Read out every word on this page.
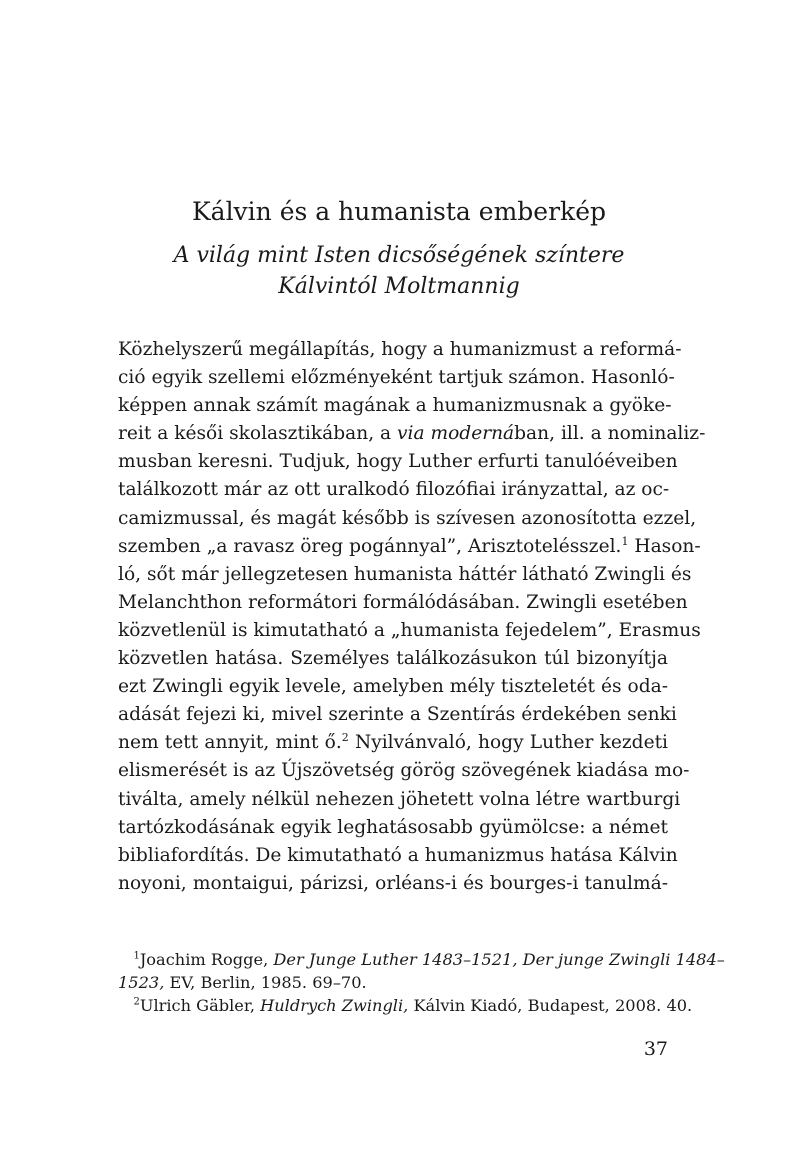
Kálvin és a humanista emberkép
A világ mint Isten dicsőségének színtere
Kálvintól Moltmannig
Közhelyszerű megállapítás, hogy a humanizmust a reformá-
ció egyik szellemi előzményeként tartjuk számon. Hasonló-
képpen annak számít magának a humanizmusnak a gyöke-
reit a késői skolasztikában, a via modernában, ill. a nominaliz-
musban keresni. Tudjuk, hogy Luther erfurti tanulóéveiben
találkozott már az ott uralkodó filozófiai irányzattal, az oc-
camizmussal, és magát később is szívesen azonosította ezzel,
szemben „a ravasz öreg pogánnyal”, Arisztotelésszel.$^1$ Hason-
ló, sőt már jellegzetesen humanista háttér látható Zwingli és
Melanchthon reformátori formálódásában. Zwingli esetében
közvetlenül is kimutatható a „humanista fejedelem”, Erasmus
közvetlen hatása. Személyes találkozásukon túl bizonyítja
ezt Zwingli egyik levele, amelyben mély tiszteletét és oda-
adását fejezi ki, mivel szerinte a Szentírás érdekében senki
nem tett annyit, mint ő.$^2$ Nyilvánvaló, hogy Luther kezdeti
elismerését is az Újszövetség görög szövegének kiadása mo-
tiválta, amely nélkül nehezen jöhetett volna létre wartburgi
tartózkodásának egyik leghatásosabb gyümölcse: a német
bibliafordítás. De kimutatható a humanizmus hatása Kálvin
noyoni, montaigui, párizsi, orléans-i és bourges-i tanulmá-
$^1$Joachim Rogge, Der Junge Luther 1483–1521, Der junge Zwingli 1484–
1523, EV, Berlin, 1985. 69–70.
$^2$Ulrich Gäbler, Huldrych Zwingli, Kálvin Kiadó, Budapest, 2008. 40.
37
